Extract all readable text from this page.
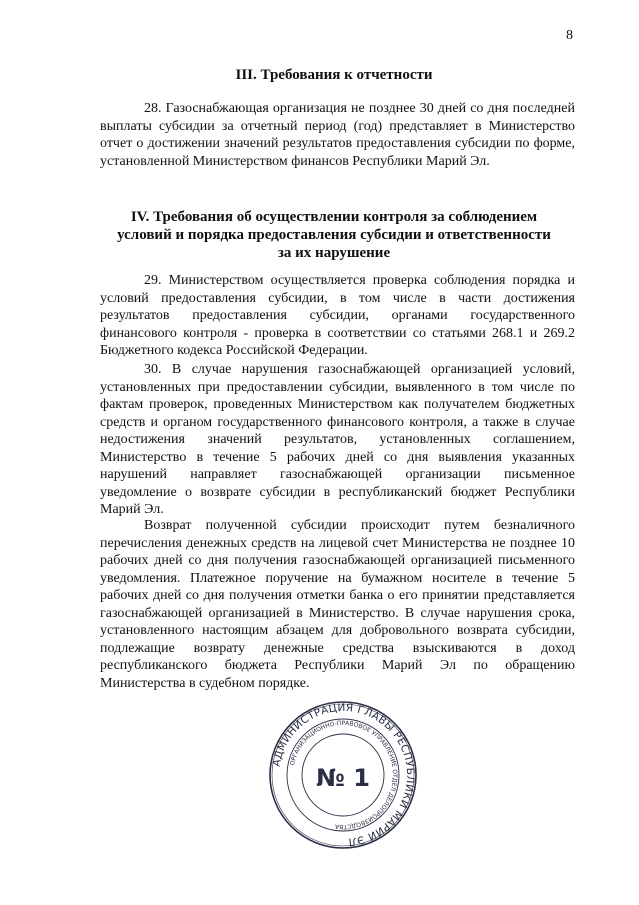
8
III. Требования к отчетности
28. Газоснабжающая организация не позднее 30 дней со дня последней выплаты субсидии за отчетный период (год) представляет в Министерство отчет о достижении значений результатов предоставления субсидии по форме, установленной Министерством финансов Республики Марий Эл.
IV. Требования об осуществлении контроля за соблюдением
условий и порядка предоставления субсидии и ответственности
за их нарушение
29. Министерством осуществляется проверка соблюдения порядка и условий предоставления субсидии, в том числе в части достижения результатов предоставления субсидии, органами государственного финансового контроля - проверка в соответствии со статьями 268.1 и 269.2 Бюджетного кодекса Российской Федерации.
30. В случае нарушения газоснабжающей организацией условий, установленных при предоставлении субсидии, выявленного в том числе по фактам проверок, проведенных Министерством как получателем бюджетных средств и органом государственного финансового контроля, а также в случае недостижения значений результатов, установленных соглашением, Министерство в течение 5 рабочих дней со дня выявления указанных нарушений направляет газоснабжающей организации письменное уведомление о возврате субсидии в республиканский бюджет Республики Марий Эл.
Возврат полученной субсидии происходит путем безналичного перечисления денежных средств на лицевой счет Министерства не позднее 10 рабочих дней со дня получения газоснабжающей организацией письменного уведомления. Платежное поручение на бумажном носителе в течение 5 рабочих дней со дня получения отметки банка о его принятии представляется газоснабжающей организацией в Министерство. В случае нарушения срока, установленного настоящим абзацем для добровольного возврата субсидии, подлежащие возврату денежные средства взыскиваются в доход республиканского бюджета Республики Марий Эл по обращению Министерства в судебном порядке.
АДМИНИСТРАЦИЯ ГЛАВЫ РЕСПУБЛИКИ МАРИЙ ЭЛ
ОРГАНИЗАЦИОННО-ПРАВОВОЕ УПРАВЛЕНИЕ ОТДЕЛ ДЕЛОПРОИЗВОДСТВА
№ 1
